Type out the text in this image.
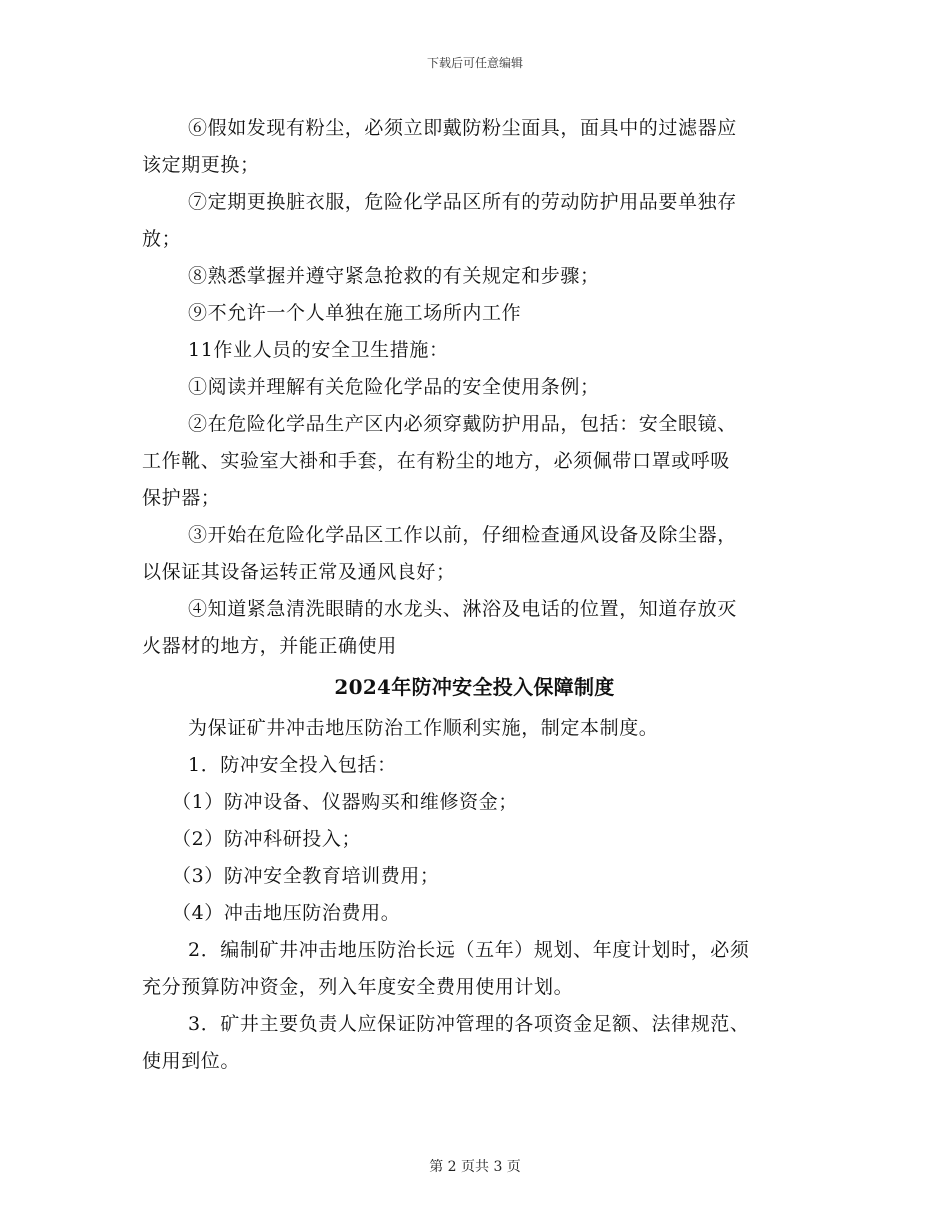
下载后可任意编辑
⑥假如发现有粉尘，必须立即戴防粉尘面具，面具中的过滤器应
该定期更换；
⑦定期更换脏衣服，危险化学品区所有的劳动防护用品要单独存
放；
⑧熟悉掌握并遵守紧急抢救的有关规定和步骤；
⑨不允许一个人单独在施工场所内工作
11作业人员的安全卫生措施：
①阅读并理解有关危险化学品的安全使用条例；
②在危险化学品生产区内必须穿戴防护用品，包括：安全眼镜、
工作靴、实验室大褂和手套，在有粉尘的地方，必须佩带口罩或呼吸
保护器；
③开始在危险化学品区工作以前，仔细检查通风设备及除尘器，
以保证其设备运转正常及通风良好；
④知道紧急清洗眼睛的水龙头、淋浴及电话的位置，知道存放灭
火器材的地方，并能正确使用
2024年防冲安全投入保障制度
为保证矿井冲击地压防治工作顺利实施，制定本制度。
1．防冲安全投入包括：
（1）防冲设备、仪器购买和维修资金；
（2）防冲科研投入；
（3）防冲安全教育培训费用；
（4）冲击地压防治费用。
2．编制矿井冲击地压防治长远（五年）规划、年度计划时，必须
充分预算防冲资金，列入年度安全费用使用计划。
3．矿井主要负责人应保证防冲管理的各项资金足额、法律规范、
使用到位。
第 2 页共 3 页
